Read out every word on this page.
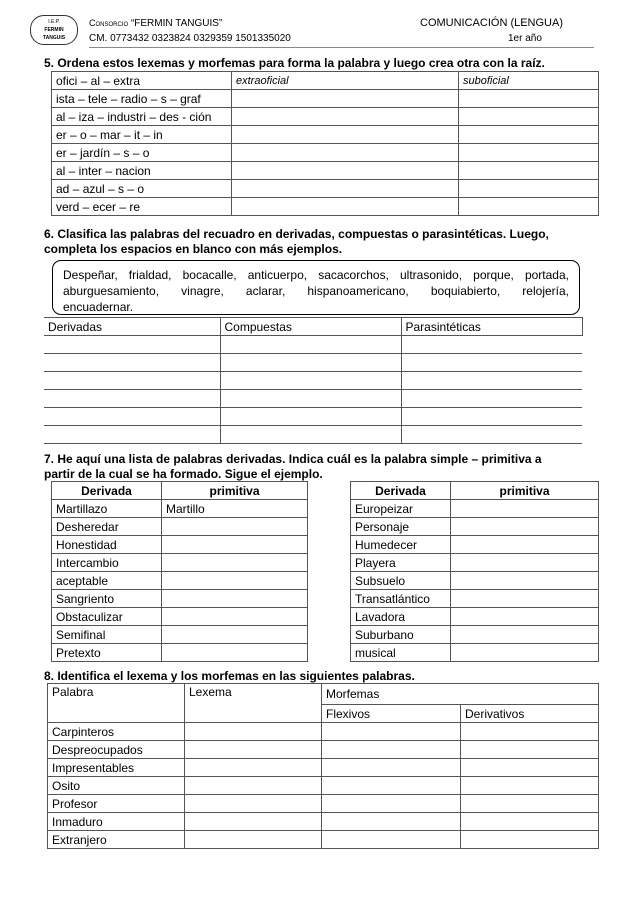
I.E.P.
FERMIN
TANGUIS
Consorcio “FERMIN TANGUIS”	COMUNICACIÓN (LENGUA)
CM. 0773432 0323824 0329359 1501335020	1er año
5. Ordena estos lexemas y morfemas para forma la palabra y luego crea otra con la raíz.
ofici – al – extra	extraoficial	suboficial
ista – tele – radio – s – graf		
al – iza – industri – des - ción		
er – o – mar – it – in		
er – jardín – s – o		
al – inter – nacion		
ad – azul – s – o		
verd – ecer – re		
6. Clasifica las palabras del recuadro en derivadas, compuestas o parasintéticas. Luego,
completa los espacios en blanco con más ejemplos.
Despeñar, frialdad, bocacalle, anticuerpo, sacacorchos, ultrasonido, porque, portada,
aburguesamiento, vinagre, aclarar, hispanoamericano, boquiabierto, relojería,
encuadernar.
Derivadas	Compuestas	Parasintéticas

7. He aquí una lista de palabras derivadas. Indica cuál es la palabra simple – primitiva a
partir de la cual se ha formado. Sigue el ejemplo.
Derivada	primitiva
Martillazo	Martillo
Desheredar	
Honestidad	
Intercambio	
aceptable	
Sangriento	
Obstaculizar	
Semifinal	
Pretexto	
Derivada	primitiva
Europeizar	
Personaje	
Humedecer	
Playera	
Subsuelo	
Transatlántico	
Lavadora	
Suburbano	
musical	
8. Identifica el lexema y los morfemas en las siguientes palabras.
Palabra	Lexema	Morfemas	
		Flexivos	Derivativos
Carpinteros			
Despreocupados			
Impresentables			
Osito			
Profesor			
Inmaduro			
Extranjero			
